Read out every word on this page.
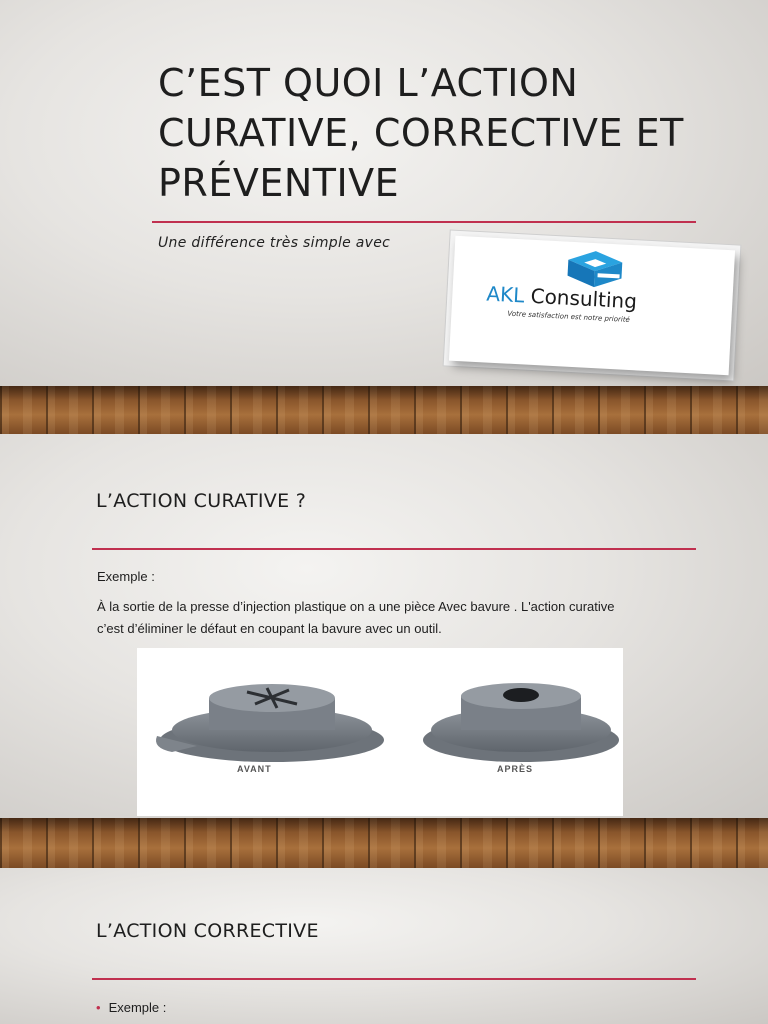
C’EST QUOI L’ACTION CURATIVE, CORRECTIVE ET PRÉVENTIVE
Une différence très simple avec
AKL Consulting
Votre satisfaction est notre priorité
L’ACTION CURATIVE ?
Exemple :
À la sortie de la presse d’injection plastique on a une pièce Avec bavure . L'action curative
c’est d’éliminer le défaut en coupant la bavure avec un outil.
AVANT	APRÈS
L’ACTION CORRECTIVE
• Exemple :
